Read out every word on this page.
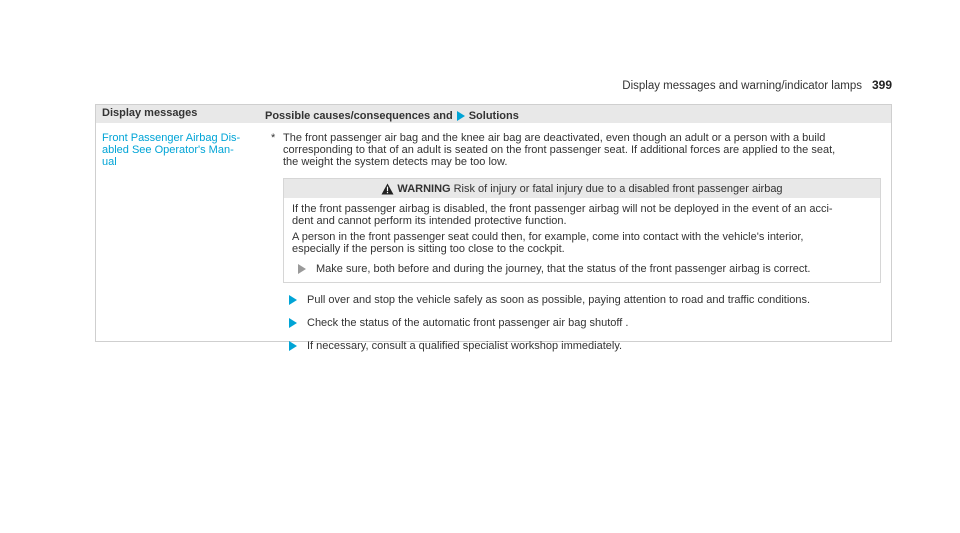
Display messages and warning/indicator lamps 399
Display messages	Possible causes/consequences and Solutions
Front Passenger Airbag Dis-
abled See Operator's Man-
ual
* The front passenger air bag and the knee air bag are deactivated, even though an adult or a person with a build
corresponding to that of an adult is seated on the front passenger seat. If additional forces are applied to the seat,
the weight the system detects may be too low.
WARNING Risk of injury or fatal injury due to a disabled front passenger airbag

If the front passenger airbag is disabled, the front passenger airbag will not be deployed in the event of an acci-
dent and cannot perform its intended protective function.

A person in the front passenger seat could then, for example, come into contact with the vehicle's interior,
especially if the person is sitting too close to the cockpit.

Make sure, both before and during the journey, that the status of the front passenger airbag is correct.
Pull over and stop the vehicle safely as soon as possible, paying attention to road and traffic conditions.
Check the status of the automatic front passenger air bag shutoff .
If necessary, consult a qualified specialist workshop immediately.
